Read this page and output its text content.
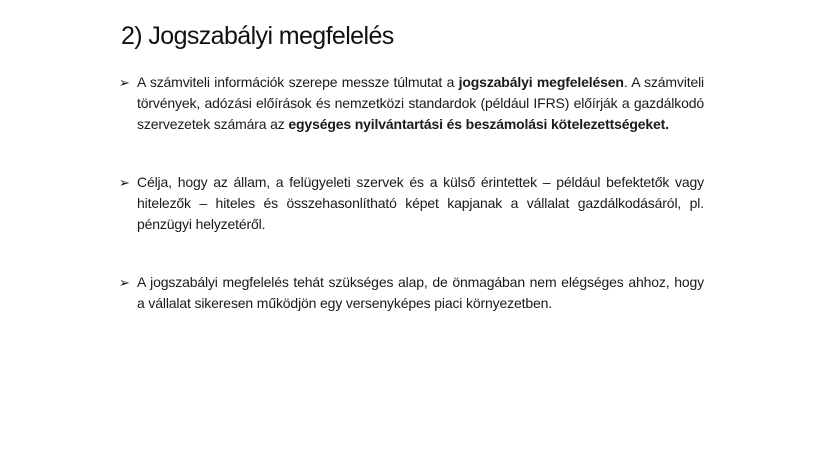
2) Jogszabályi megfelelés
➢ A számviteli információk szerepe messze túlmutat a jogszabályi megfelelésen. A számviteli törvények, adózási előírások és nemzetközi standardok (például IFRS) előírják a gazdálkodó szervezetek számára az egységes nyilvántartási és beszámolási kötelezettségeket.
➢ Célja, hogy az állam, a felügyeleti szervek és a külső érintettek – például befektetők vagy hitelezők – hiteles és összehasonlítható képet kapjanak a vállalat gazdálkodásáról, pl. pénzügyi helyzetéről.
➢ A jogszabályi megfelelés tehát szükséges alap, de önmagában nem elégséges ahhoz, hogy a vállalat sikeresen működjön egy versenyképes piaci környezetben.
